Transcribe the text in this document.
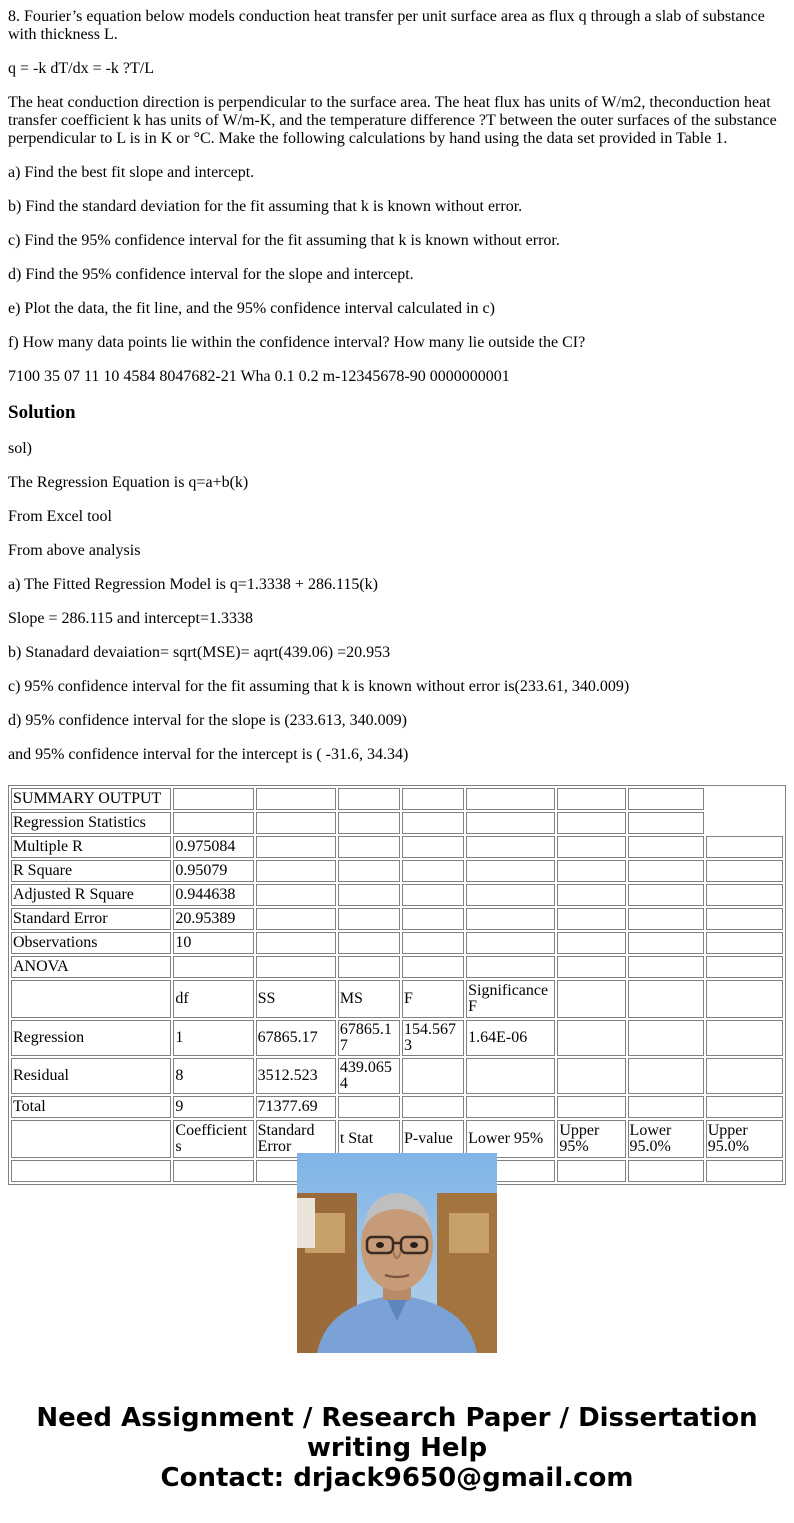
8. Fourier’s equation below models conduction heat transfer per unit surface area as flux q through a slab of substance with thickness L.

q = -k dT/dx = -k ?T/L

The heat conduction direction is perpendicular to the surface area. The heat flux has units of W/m2, theconduction heat transfer coefficient k has units of W/m-K, and the temperature difference ?T between the outer surfaces of the substance perpendicular to L is in K or °C. Make the following calculations by hand using the data set provided in Table 1.

a) Find the best fit slope and intercept.

b) Find the standard deviation for the fit assuming that k is known without error.

c) Find the 95% confidence interval for the fit assuming that k is known without error.

d) Find the 95% confidence interval for the slope and intercept.

e) Plot the data, the fit line, and the 95% confidence interval calculated in c)

f) How many data points lie within the confidence interval? How many lie outside the CI?

7100 35 07 11 10 4584 8047682-21 Wha 0.1 0.2 m-12345678-90 0000000001

Solution

sol)

The Regression Equation is q=a+b(k)

From Excel tool

From above analysis

a) The Fitted Regression Model is q=1.3338 + 286.115(k)

Slope = 286.115 and intercept=1.3338

b) Stanadard devaiation= sqrt(MSE)= aqrt(439.06) =20.953

c) 95% confidence interval for the fit assuming that k is known without error is(233.61, 340.009)

d) 95% confidence interval for the slope is (233.613, 340.009)

and 95% confidence interval for the intercept is ( -31.6, 34.34)

SUMMARY OUTPUT								
Regression Statistics								
Multiple R	0.975084							
R Square	0.95079							
Adjusted R Square	0.944638							
Standard Error	20.95389							
Observations	10							
ANOVA								
	df	SS	MS	F	Significance F			
Regression	1	67865.17	67865.17	154.5673	1.64E-06			
Residual	8	3512.523	439.0654					
Total	9	71377.69						
	Coefficients	Standard Error	t Stat	P-value	Lower 95%	Upper 95%	Lower 95.0%	Upper 95.0%

Need Assignment / Research Paper / Dissertation
writing Help
Contact: drjack9650@gmail.com
